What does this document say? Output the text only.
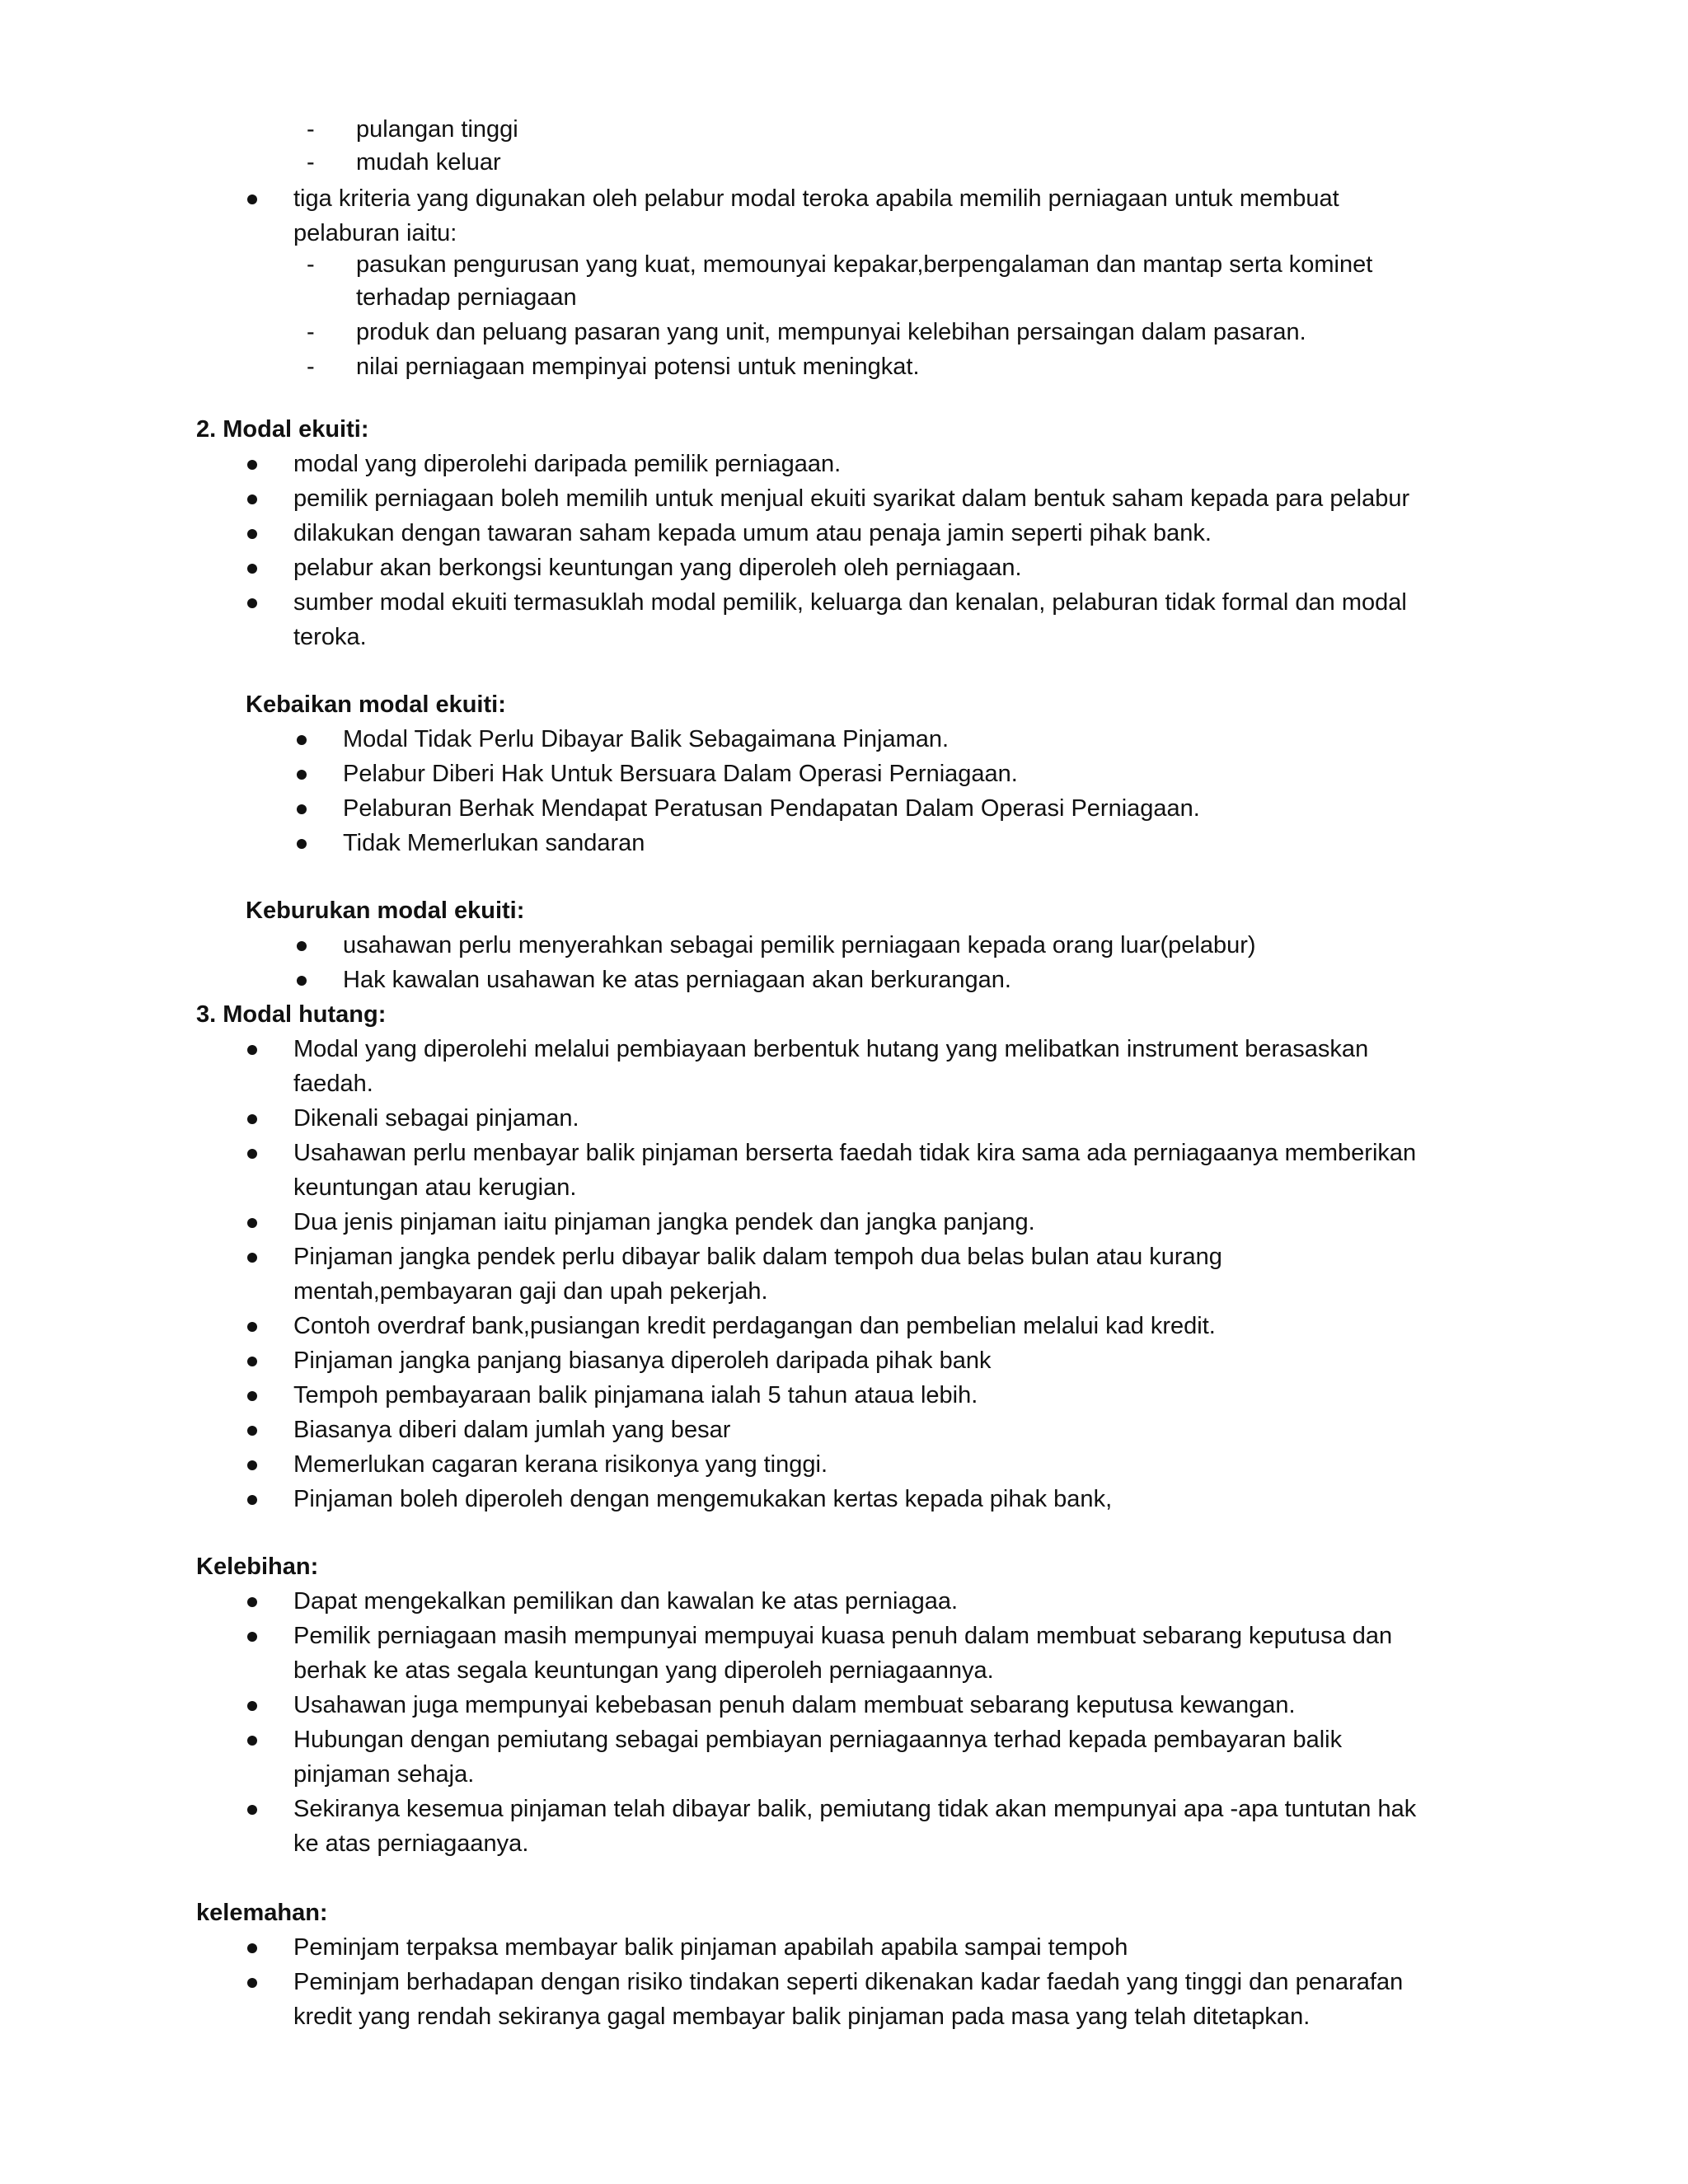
- pulangan tinggi
- mudah keluar
tiga kriteria yang digunakan oleh pelabur modal teroka apabila memilih perniagaan untuk membuat
pelaburan iaitu:
- pasukan pengurusan yang kuat, memounyai kepakar,berpengalaman dan mantap serta kominet
terhadap perniagaan
- produk dan peluang pasaran yang unit, mempunyai kelebihan persaingan dalam pasaran.
- nilai perniagaan mempinyai potensi untuk meningkat.
2. Modal ekuiti:
modal yang diperolehi daripada pemilik perniagaan.
pemilik perniagaan boleh memilih untuk menjual ekuiti syarikat dalam bentuk saham kepada para pelabur
dilakukan dengan tawaran saham kepada umum atau penaja jamin seperti pihak bank.
pelabur akan berkongsi keuntungan yang diperoleh oleh perniagaan.
sumber modal ekuiti termasuklah modal pemilik, keluarga dan kenalan, pelaburan tidak formal dan modal
teroka.
Kebaikan modal ekuiti:
Modal Tidak Perlu Dibayar Balik Sebagaimana Pinjaman.
Pelabur Diberi Hak Untuk Bersuara Dalam Operasi Perniagaan.
Pelaburan Berhak Mendapat Peratusan Pendapatan Dalam Operasi Perniagaan.
Tidak Memerlukan sandaran
Keburukan modal ekuiti:
usahawan perlu menyerahkan sebagai pemilik perniagaan kepada orang luar(pelabur)
Hak kawalan usahawan ke atas perniagaan akan berkurangan.
3. Modal hutang:
Modal yang diperolehi melalui pembiayaan berbentuk hutang yang melibatkan instrument berasaskan
faedah.
Dikenali sebagai pinjaman.
Usahawan perlu menbayar balik pinjaman berserta faedah tidak kira sama ada perniagaanya memberikan
keuntungan atau kerugian.
Dua jenis pinjaman iaitu pinjaman jangka pendek dan jangka panjang.
Pinjaman jangka pendek perlu dibayar balik dalam tempoh dua belas bulan atau kurang
mentah,pembayaran gaji dan upah pekerjah.
Contoh overdraf bank,pusiangan kredit perdagangan dan pembelian melalui kad kredit.
Pinjaman jangka panjang biasanya diperoleh daripada pihak bank
Tempoh pembayaraan balik pinjamana ialah 5 tahun ataua lebih.
Biasanya diberi dalam jumlah yang besar
Memerlukan cagaran kerana risikonya yang tinggi.
Pinjaman boleh diperoleh dengan mengemukakan kertas kepada pihak bank,
Kelebihan:
Dapat mengekalkan pemilikan dan kawalan ke atas perniagaa.
Pemilik perniagaan masih mempunyai mempuyai kuasa penuh dalam membuat sebarang keputusa dan
berhak ke atas segala keuntungan yang diperoleh perniagaannya.
Usahawan juga mempunyai kebebasan penuh dalam membuat sebarang keputusa kewangan.
Hubungan dengan pemiutang sebagai pembiayan perniagaannya terhad kepada pembayaran balik
pinjaman sehaja.
Sekiranya kesemua pinjaman telah dibayar balik, pemiutang tidak akan mempunyai apa -apa tuntutan hak
ke atas perniagaanya.
kelemahan:
Peminjam terpaksa membayar balik pinjaman apabilah apabila sampai tempoh
Peminjam berhadapan dengan risiko tindakan seperti dikenakan kadar faedah yang tinggi dan penarafan
kredit yang rendah sekiranya gagal membayar balik pinjaman pada masa yang telah ditetapkan.
